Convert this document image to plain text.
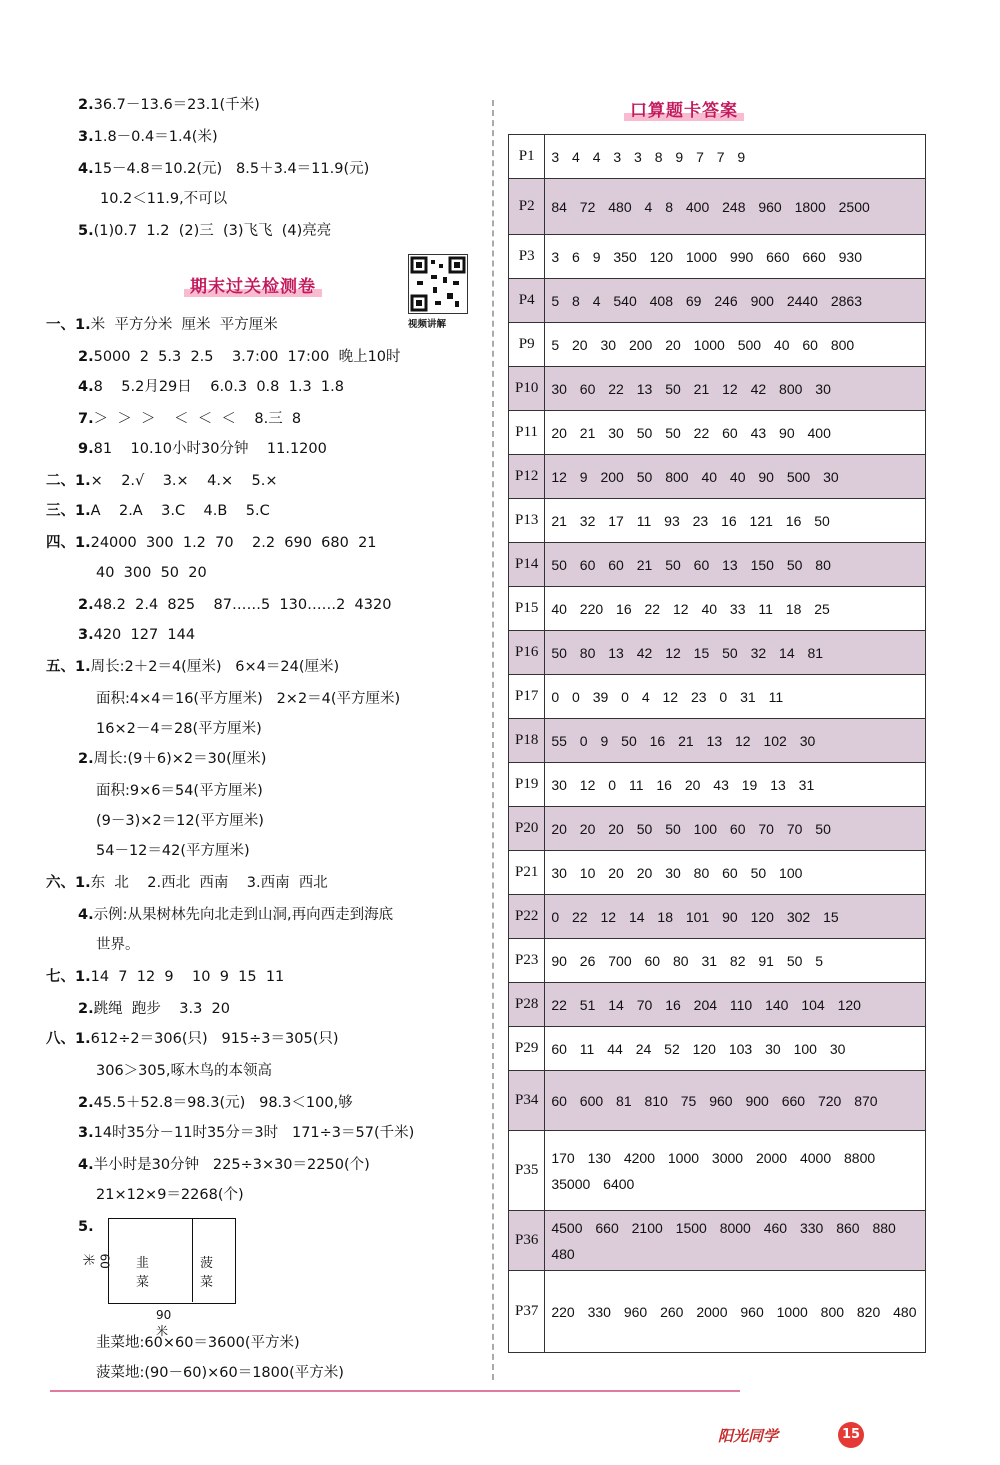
期末过关检测卷
视频讲解
韭菜
菠菜
60米
90米
口算题卡答案
P1	3 4 4 3 3 8 9 7 7 9
P2	84 72 480 4 8 400 248 960 1800 2500
P3	3 6 9 350 120 1000 990 660 660 930
P4	5 8 4 540 408 69 246 900 2440 2863
P9	5 20 30 200 20 1000 500 40 60 800
P10	30 60 22 13 50 21 12 42 800 30
P11	20 21 30 50 50 22 60 43 90 400
P12	12 9 200 50 800 40 40 90 500 30
P13	21 32 17 11 93 23 16 121 16 50
P14	50 60 60 21 50 60 13 150 50 80
P15	40 220 16 22 12 40 33 11 18 25
P16	50 80 13 42 12 15 50 32 14 81
P17	0 0 39 0 4 12 23 0 31 11
P18	55 0 9 50 16 21 13 12 102 30
P19	30 12 0 11 16 20 43 19 13 31
P20	20 20 20 50 50 100 60 70 70 50
P21	30 10 20 20 30 80 60 50 100
P22	0 22 12 14 18 101 90 120 302 15
P23	90 26 700 60 80 31 82 91 50 5
P28	22 51 14 70 16 204 110 140 104 120
P29	60 11 44 24 52 120 103 30 100 30
P34	60 600 81 810 75 960 900 660 720 870
P35	170 130 4200 1000 3000 2000 4000 8800 35000 6400
P36	4500 660 2100 1500 8000 460 330 860 880 480
P37	220 330 960 260 2000 960 1000 800 820 480
阳光同学	15
2.36.7－13.6＝23.1(千米)
3.1.8－0.4＝1.4(米)
4.15－4.8＝10.2(元)   8.5＋3.4＝11.9(元)
10.2＜11.9,不可以
5.(1)0.7  1.2  (2)三  (3)飞飞  (4)亮亮
一、1.米  平方分米  厘米  平方厘米
2.5000  2  5.3  2.5    3.7:00  17:00  晚上10时
4.8    5.2月29日    6.0.3  0.8  1.3  1.8
7.＞  ＞  ＞    ＜  ＜  ＜    8.三  8
9.81    10.10小时30分钟    11.1200
二、1.×    2.√    3.×    4.×    5.×
三、1.A    2.A    3.C    4.B    5.C
四、1.24000  300  1.2  70    2.2  690  680  21
40  300  50  20
2.48.2  2.4  825    87……5  130……2  4320
3.420  127  144
五、1.周长:2＋2＝4(厘米)   6×4＝24(厘米)
面积:4×4＝16(平方厘米)   2×2＝4(平方厘米)
16×2－4＝28(平方厘米)
2.周长:(9＋6)×2＝30(厘米)
面积:9×6＝54(平方厘米)
(9－3)×2＝12(平方厘米)
54－12＝42(平方厘米)
六、1.东  北    2.西北  西南    3.西南  西北
4.示例:从果树林先向北走到山洞,再向西走到海底
世界。
七、1.14  7  12  9    10  9  15  11
2.跳绳  跑步    3.3  20
八、1.612÷2＝306(只)   915÷3＝305(只)
306＞305,啄木鸟的本领高
2.45.5＋52.8＝98.3(元)   98.3＜100,够
3.14时35分－11时35分＝3时   171÷3＝57(千米)
4.半小时是30分钟   225÷3×30＝2250(个)
21×12×9＝2268(个)
5.
韭菜地:60×60＝3600(平方米)
菠菜地:(90－60)×60＝1800(平方米)
